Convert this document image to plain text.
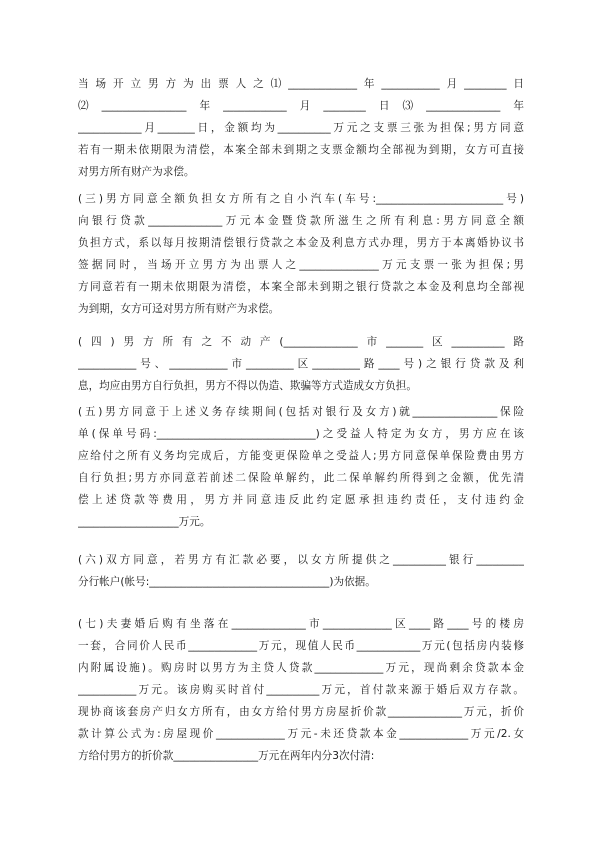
当场开立男方为出票人之⑴_____________年___________月________日
⑵________________年____________月________日⑶______________年
____________月_______日，金额均为__________万元之支票三张为担保;男方同意
若有一期未依期限为清偿，本案全部未到期之支票金额均全部视为到期，女方可直接
对男方所有财产为求偿。
(三)男方同意全额负担女方所有之自小汽车(车号:________________________号)
向银行贷款______________万元本金暨贷款所滋生之所有利息:男方同意全额
负担方式，系以每月按期清偿银行贷款之本金及利息方式办理，男方于本离婚协议书
签据同时，当场开立男方为出票人之_______________万元支票一张为担保;男
方同意若有一期未依期限为清偿，本案全部未到期之银行贷款之本金及利息均全部视
为到期，女方可迳对男方所有财产为求偿。
(四)男方所有之不动产(______________市_______区__________路
___________号、___________市_________区_________路____号)之银行贷款及利
息，均应由男方自行负担，男方不得以伪造、欺骗等方式造成女方负担。
(五)男方同意于上述义务存续期间(包括对银行及女方)就________________保险
单(保单号码:______________________________)之受益人特定为女方，男方应在该
应给付之所有义务均完成后，方能变更保险单之受益人;男方同意保单保险费由男方
自行负担;男方亦同意若前述二保险单解约，此二保单解约所得到之金额，优先清
偿上述贷款等费用，男方并同意违反此约定愿承担违约责任，支付违约金
___________________万元。
(六)双方同意，若男方有汇款必要，以女方所提供之__________银行_________
分行帐户(帐号:__________________________________)为依据。
(七)夫妻婚后购有坐落在______________市_____________区____路____号的楼房
一套，合同价人民币_____________万元，现值人民币____________万元(包括房内装修
内附属设施)。购房时以男方为主贷人贷款_____________万元，现尚剩余贷款本金
___________万元。该房购买时首付__________万元，首付款来源于婚后双方存款。
现协商该套房产归女方所有，由女方给付男方房屋折价款______________万元，折价
款计算公式为:房屋现价_____________万元-未还贷款本金_____________万元/2.女
方给付男方的折价款________________万元在两年内分3次付清:
